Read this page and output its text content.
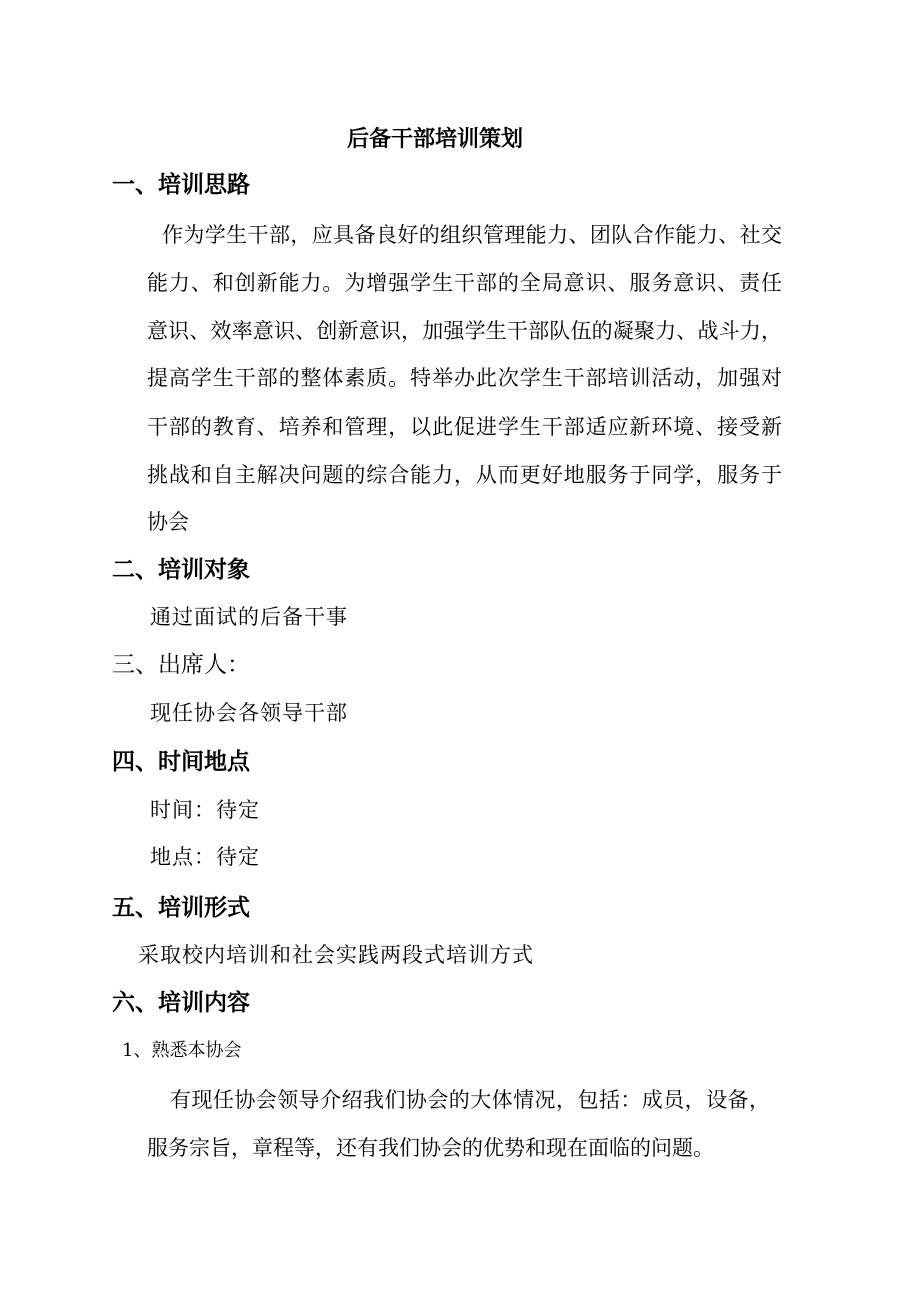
后备干部培训策划
一、培训思路
作为学生干部，应具备良好的组织管理能力、团队合作能力、社交
能力、和创新能力。为增强学生干部的全局意识、服务意识、责任
意识、效率意识、创新意识，加强学生干部队伍的凝聚力、战斗力，
提高学生干部的整体素质。特举办此次学生干部培训活动，加强对
干部的教育、培养和管理，以此促进学生干部适应新环境、接受新
挑战和自主解决问题的综合能力，从而更好地服务于同学，服务于
协会
二、培训对象
通过面试的后备干事
三、出席人：
现任协会各领导干部
四、时间地点
时间：待定
地点：待定
五、培训形式
采取校内培训和社会实践两段式培训方式
六、培训内容
1、熟悉本协会
有现任协会领导介绍我们协会的大体情况，包括：成员，设备，
服务宗旨，章程等，还有我们协会的优势和现在面临的问题。
